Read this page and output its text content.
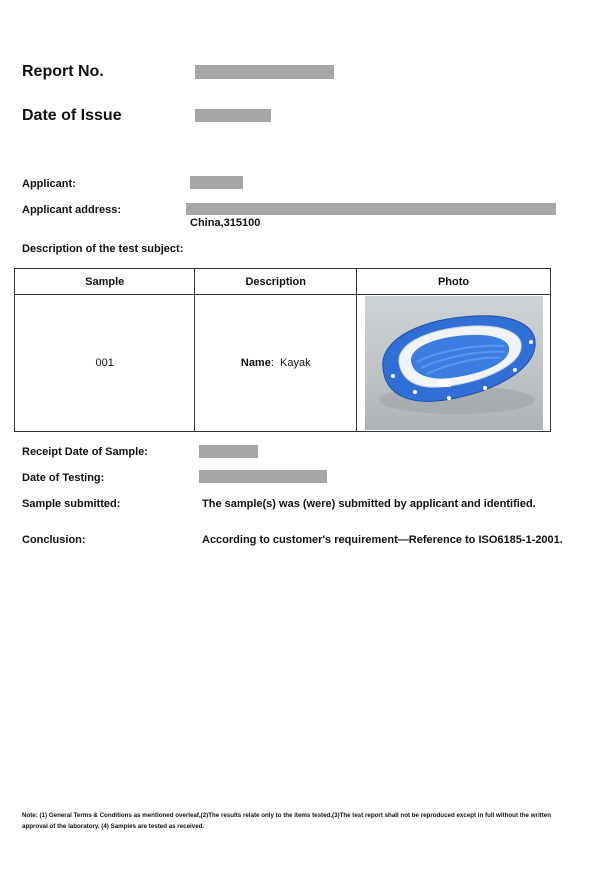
Report No.
Date of Issue
Applicant:
Applicant address:
China,315100
Description of the test subject:
Sample	Description	Photo
001	Name:  Kayak	
Receipt Date of Sample:
Date of Testing:
Sample submitted:	The sample(s) was (were) submitted by applicant and identified.
Conclusion:	According to customer's requirement—Reference to ISO6185-1-2001.
Note: (1) General Terms & Conditions as mentioned overleaf,(2)The results relate only to the items tested,(3)The test report shall not be reproduced except in full without the written approval of the laboratory. (4) Samples are tested as received.
